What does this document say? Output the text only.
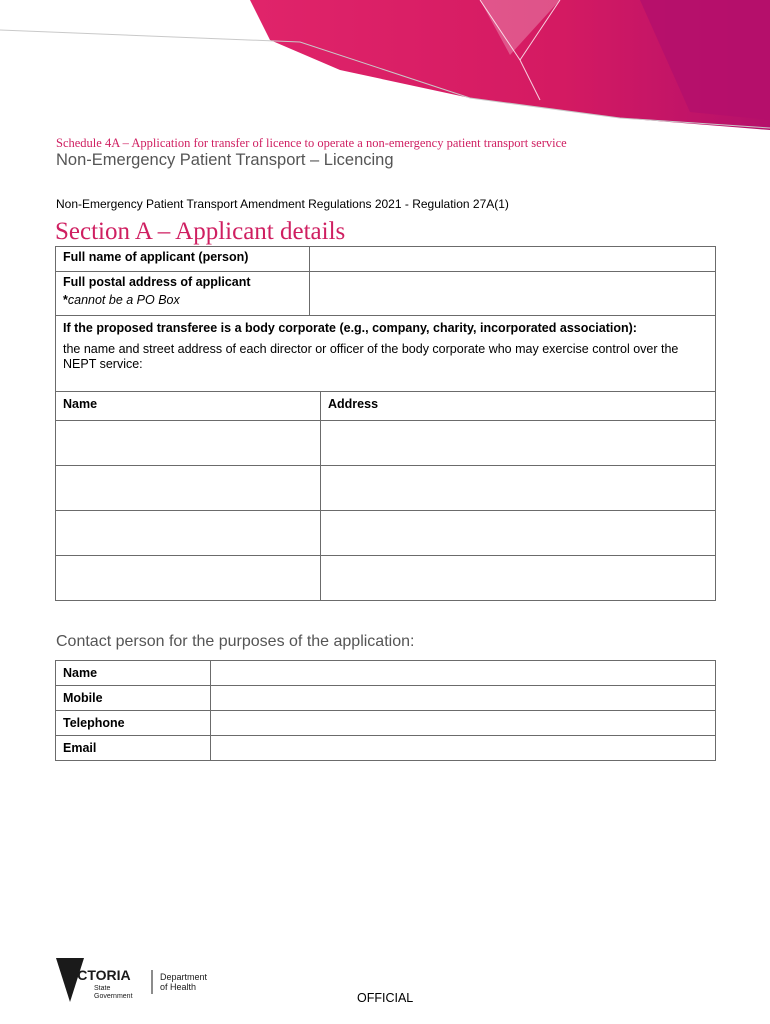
Schedule 4A – Application for transfer of licence to operate a non-emergency patient transport service
Non-Emergency Patient Transport – Licencing
Non-Emergency Patient Transport Amendment Regulations 2021 - Regulation 27A(1)
Section A – Applicant details
Full name of applicant (person)	

Full postal address of applicant
*cannot be a PO Box	

If the proposed transferee is a body corporate (e.g., company, charity, incorporated association):
the name and street address of each director or officer of the body corporate who may exercise control over the NEPT service:	
Name	Address

Contact person for the purposes of the application:
Name	
Mobile	
Telephone	
Email	
VICTORIA
State
Government
Department
of Health
OFFICIAL
